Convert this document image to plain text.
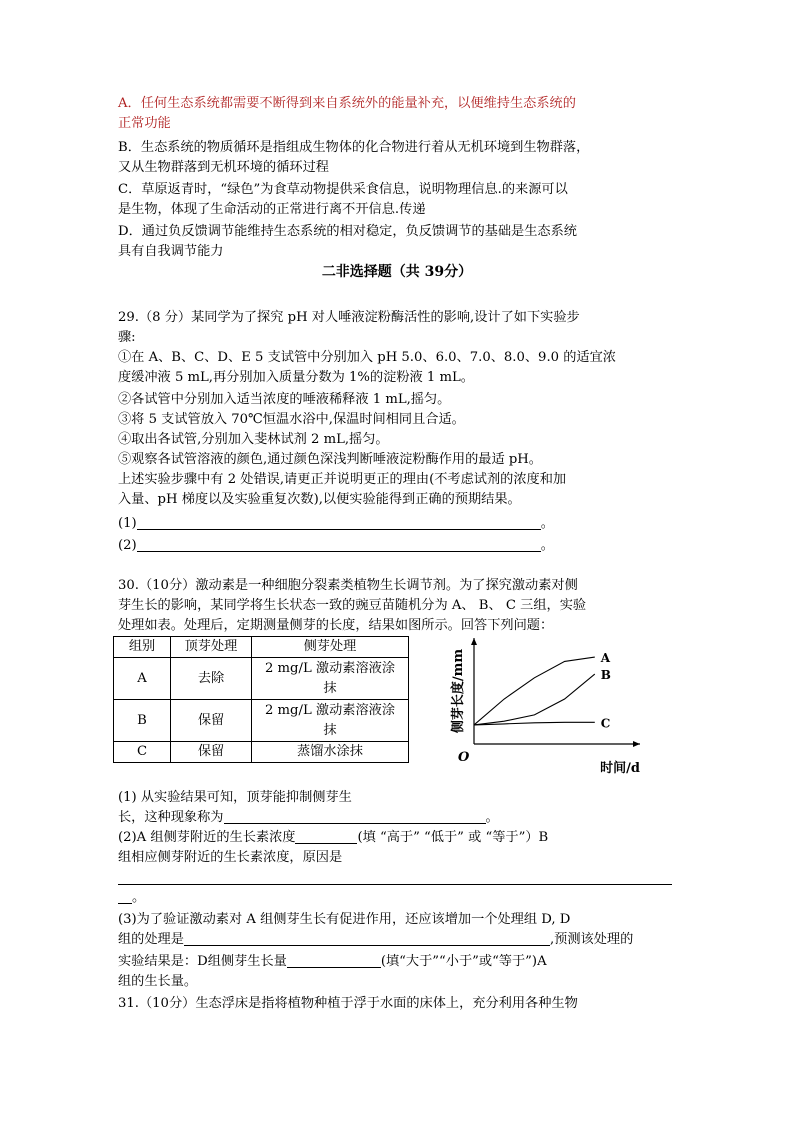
A．任何生态系统都需要不断得到来自系统外的能量补充，以便维持生态系统的
正常功能
B．生态系统的物质循环是指组成生物体的化合物进行着从无机环境到生物群落，
又从生物群落到无机环境的循环过程
C．草原返青时，“绿色”为食草动物提供采食信息，说明物理信息.的来源可以
是生物，体现了生命活动的正常进行离不开信息.传递
D．通过负反馈调节能维持生态系统的相对稳定，负反馈调节的基础是生态系统
具有自我调节能力
二非选择题（共 39分）
29.（8 分）某同学为了探究 pH 对人唾液淀粉酶活性的影响,设计了如下实验步
骤:
①在 A、B、C、D、E 5 支试管中分别加入 pH 5.0、6.0、7.0、8.0、9.0 的适宜浓
度缓冲液 5 mL,再分别加入质量分数为 1%的淀粉液 1 mL。
②各试管中分别加入适当浓度的唾液稀释液 1 mL,摇匀。
③将 5 支试管放入 70℃恒温水浴中,保温时间相同且合适。
④取出各试管,分别加入斐林试剂 2 mL,摇匀。
⑤观察各试管溶液的颜色,通过颜色深浅判断唾液淀粉酶作用的最适 pH。
上述实验步骤中有 2 处错误,请更正并说明更正的理由(不考虑试剂的浓度和加
入量、pH 梯度以及实验重复次数),以便实验能得到正确的预期结果。
(1)	。
(2)	。
30.（10分）激动素是一种细胞分裂素类植物生长调节剂。为了探究激动素对侧
芽生长的影响，某同学将生长状态一致的豌豆苗随机分为 A、 B、 C 三组，实验
处理如表。处理后，定期测量侧芽的长度，结果如图所示。回答下列问题：
组别	顶芽处理	侧芽处理
A	去除	2 mg/L 激动素溶液涂
抹

B	保留	2 mg/L 激动素溶液涂
抹

C	保留	蒸馏水涂抹
A
B
C
O
时间/d
侧芽长度/mm
(1) 从实验结果可知，顶芽能抑制侧芽生
长，这种现象称为	。
(2)A 组侧芽附近的生长素浓度	(填 “高于” “低于” 或 “等于”）B
组相应侧芽附近的生长素浓度，原因是
。
(3)为了验证激动素对 A 组侧芽生长有促进作用，还应该增加一个处理组 D, D
组的处理是	,预测该处理的
实验结果是：D组侧芽生长量	(填“大于”“小于”或“等于”)A
组的生长量。
31.（10分）生态浮床是指将植物种植于浮于水面的床体上，充分利用各种生物
